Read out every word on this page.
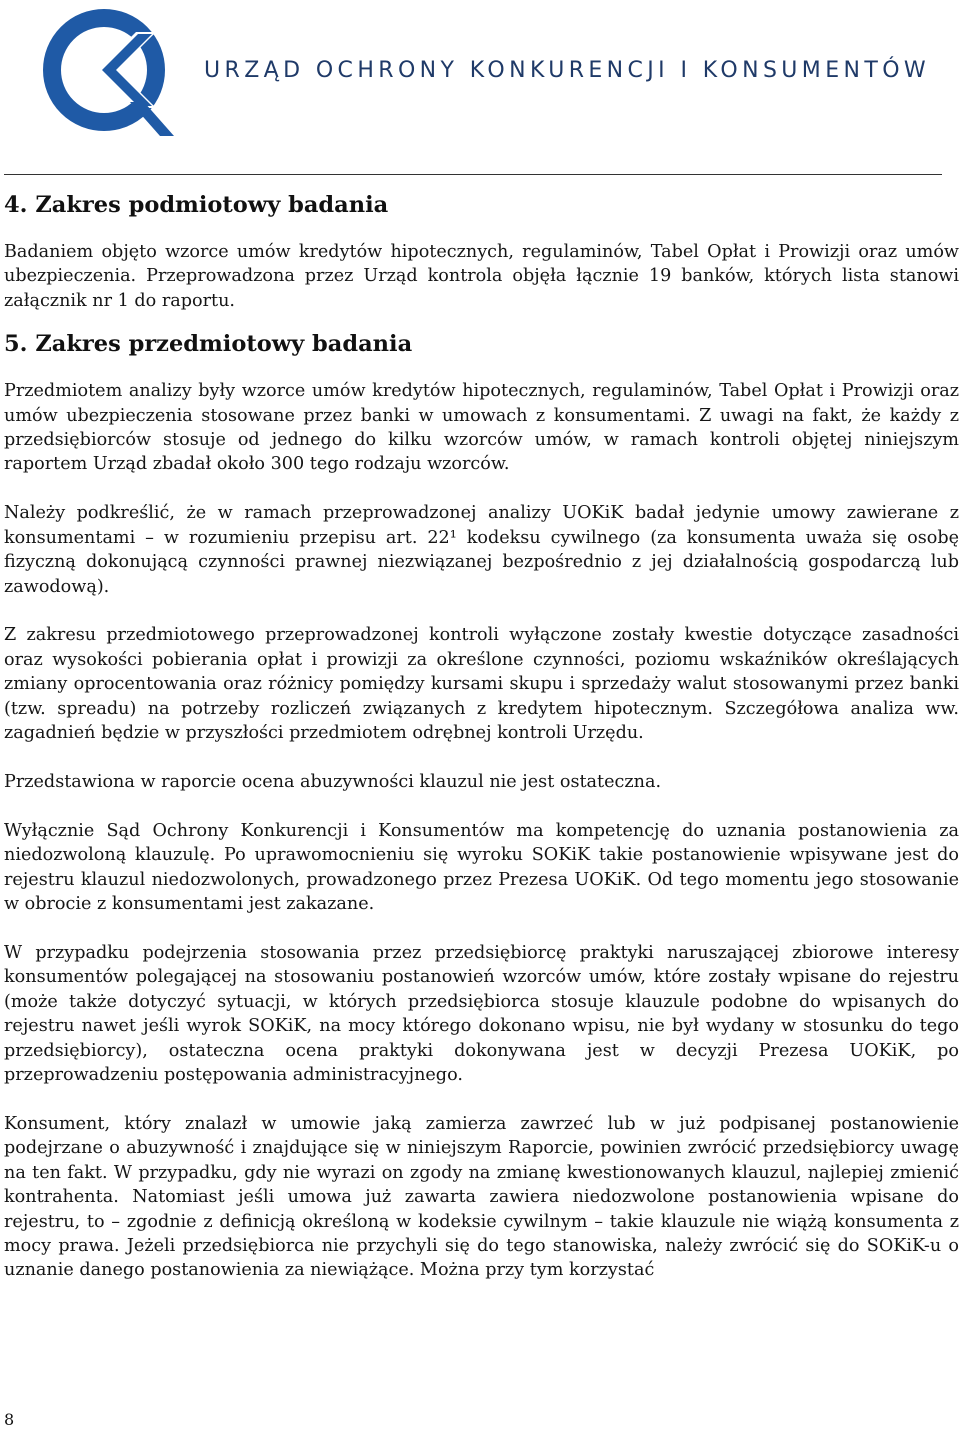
URZĄD OCHRONY KONKURENCJI I KONSUMENTÓW
4. Zakres podmiotowy badania

Badaniem objęto wzorce umów kredytów hipotecznych, regulaminów, Tabel Opłat i Prowizji oraz umów ubezpieczenia. Przeprowadzona przez Urząd kontrola objęła łącznie 19 banków, których lista stanowi załącznik nr 1 do raportu.

5. Zakres przedmiotowy badania

Przedmiotem analizy były wzorce umów kredytów hipotecznych, regulaminów, Tabel Opłat i Prowizji oraz umów ubezpieczenia stosowane przez banki w umowach z konsumentami. Z uwagi na fakt, że każdy z przedsiębiorców stosuje od jednego do kilku wzorców umów, w ramach kontroli objętej niniejszym raportem Urząd zbadał około 300 tego rodzaju wzorców.

Należy podkreślić, że w ramach przeprowadzonej analizy UOKiK badał jedynie umowy zawierane z konsumentami – w rozumieniu przepisu art. 22¹ kodeksu cywilnego (za konsumenta uważa się osobę fizyczną dokonującą czynności prawnej niezwiązanej bezpośrednio z jej działalnością gospodarczą lub zawodową).

Z zakresu przedmiotowego przeprowadzonej kontroli wyłączone zostały kwestie dotyczące zasadności oraz wysokości pobierania opłat i prowizji za określone czynności, poziomu wskaźników określających zmiany oprocentowania oraz różnicy pomiędzy kursami skupu i sprzedaży walut stosowanymi przez banki (tzw. spreadu) na potrzeby rozliczeń związanych z kredytem hipotecznym. Szczegółowa analiza ww. zagadnień będzie w przyszłości przedmiotem odrębnej kontroli Urzędu.

Przedstawiona w raporcie ocena abuzywności klauzul nie jest ostateczna.

Wyłącznie Sąd Ochrony Konkurencji i Konsumentów ma kompetencję do uznania postanowienia za niedozwoloną klauzulę. Po uprawomocnieniu się wyroku SOKiK takie postanowienie wpisywane jest do rejestru klauzul niedozwolonych, prowadzonego przez Prezesa UOKiK. Od tego momentu jego stosowanie w obrocie z konsumentami jest zakazane.

W przypadku podejrzenia stosowania przez przedsiębiorcę praktyki naruszającej zbiorowe interesy konsumentów polegającej na stosowaniu postanowień wzorców umów, które zostały wpisane do rejestru (może także dotyczyć sytuacji, w których przedsiębiorca stosuje klauzule podobne do wpisanych do rejestru nawet jeśli wyrok SOKiK, na mocy którego dokonano wpisu, nie był wydany w stosunku do tego przedsiębiorcy), ostateczna ocena praktyki dokonywana jest w decyzji Prezesa UOKiK, po przeprowadzeniu postępowania administracyjnego.

Konsument, który znalazł w umowie jaką zamierza zawrzeć lub w już podpisanej postanowienie podejrzane o abuzywność i znajdujące się w niniejszym Raporcie, powinien zwrócić przedsiębiorcy uwagę na ten fakt. W przypadku, gdy nie wyrazi on zgody na zmianę kwestionowanych klauzul, najlepiej zmienić kontrahenta. Natomiast jeśli umowa już zawarta zawiera niedozwolone postanowienia wpisane do rejestru, to – zgodnie z definicją określoną w kodeksie cywilnym – takie klauzule nie wiążą konsumenta z mocy prawa. Jeżeli przedsiębiorca nie przychyli się do tego stanowiska, należy zwrócić się do SOKiK-u o uznanie danego postanowienia za niewiążące. Można przy tym korzystać

8
